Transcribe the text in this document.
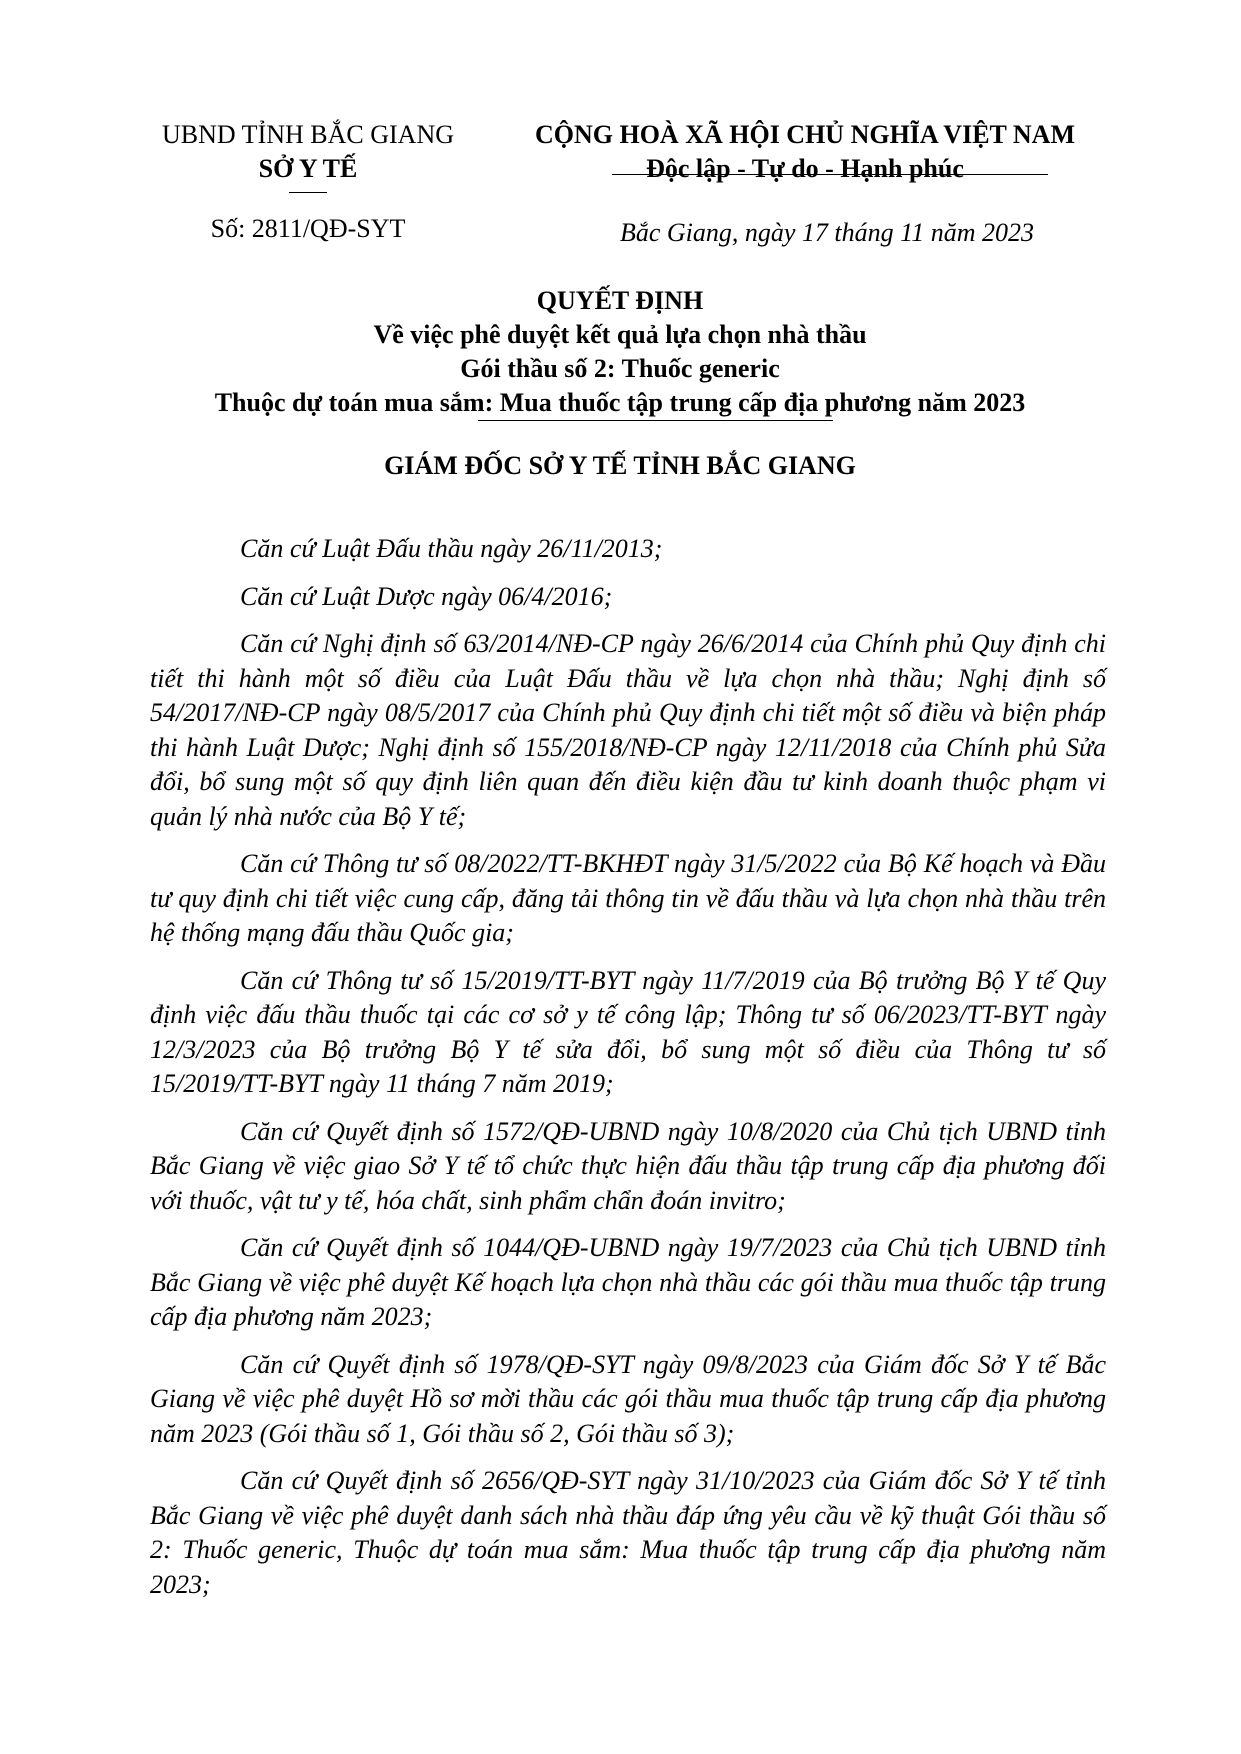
UBND TỈNH BẮC GIANG
SỞ Y TẾ
Số: 2811/QĐ-SYT
CỘNG HOÀ XÃ HỘI CHỦ NGHĨA VIỆT NAM
Độc lập - Tự do - Hạnh phúc
Bắc Giang, ngày 17 tháng 11 năm 2023
QUYẾT ĐỊNH
Về việc phê duyệt kết quả lựa chọn nhà thầu
Gói thầu số 2: Thuốc generic
Thuộc dự toán mua sắm: Mua thuốc tập trung cấp địa phương năm 2023
GIÁM ĐỐC SỞ Y TẾ TỈNH BẮC GIANG

Căn cứ Luật Đấu thầu ngày 26/11/2013;

Căn cứ Luật Dược ngày 06/4/2016;

Căn cứ Nghị định số 63/2014/NĐ-CP ngày 26/6/2014 của Chính phủ Quy định chi tiết thi hành một số điều của Luật Đấu thầu về lựa chọn nhà thầu; Nghị định số 54/2017/NĐ-CP ngày 08/5/2017 của Chính phủ Quy định chi tiết một số điều và biện pháp thi hành Luật Dược; Nghị định số 155/2018/NĐ-CP ngày 12/11/2018 của Chính phủ Sửa đổi, bổ sung một số quy định liên quan đến điều kiện đầu tư kinh doanh thuộc phạm vi quản lý nhà nước của Bộ Y tế;

Căn cứ Thông tư số 08/2022/TT-BKHĐT ngày 31/5/2022 của Bộ Kế hoạch và Đầu tư quy định chi tiết việc cung cấp, đăng tải thông tin về đấu thầu và lựa chọn nhà thầu trên hệ thống mạng đấu thầu Quốc gia;

Căn cứ Thông tư số 15/2019/TT-BYT ngày 11/7/2019 của Bộ trưởng Bộ Y tế Quy định việc đấu thầu thuốc tại các cơ sở y tế công lập; Thông tư số 06/2023/TT-BYT ngày 12/3/2023 của Bộ trưởng Bộ Y tế sửa đổi, bổ sung một số điều của Thông tư số 15/2019/TT-BYT ngày 11 tháng 7 năm 2019;

Căn cứ Quyết định số 1572/QĐ-UBND ngày 10/8/2020 của Chủ tịch UBND tỉnh Bắc Giang về việc giao Sở Y tế tổ chức thực hiện đấu thầu tập trung cấp địa phương đối với thuốc, vật tư y tế, hóa chất, sinh phẩm chẩn đoán invitro;

Căn cứ Quyết định số 1044/QĐ-UBND ngày 19/7/2023 của Chủ tịch UBND tỉnh Bắc Giang về việc phê duyệt Kế hoạch lựa chọn nhà thầu các gói thầu mua thuốc tập trung cấp địa phương năm 2023;

Căn cứ Quyết định số 1978/QĐ-SYT ngày 09/8/2023 của Giám đốc Sở Y tế Bắc Giang về việc phê duyệt Hồ sơ mời thầu các gói thầu mua thuốc tập trung cấp địa phương năm 2023 (Gói thầu số 1, Gói thầu số 2, Gói thầu số 3);

Căn cứ Quyết định số 2656/QĐ-SYT ngày 31/10/2023 của Giám đốc Sở Y tế tỉnh Bắc Giang về việc phê duyệt danh sách nhà thầu đáp ứng yêu cầu về kỹ thuật Gói thầu số 2: Thuốc generic, Thuộc dự toán mua sắm: Mua thuốc tập trung cấp địa phương năm 2023;
